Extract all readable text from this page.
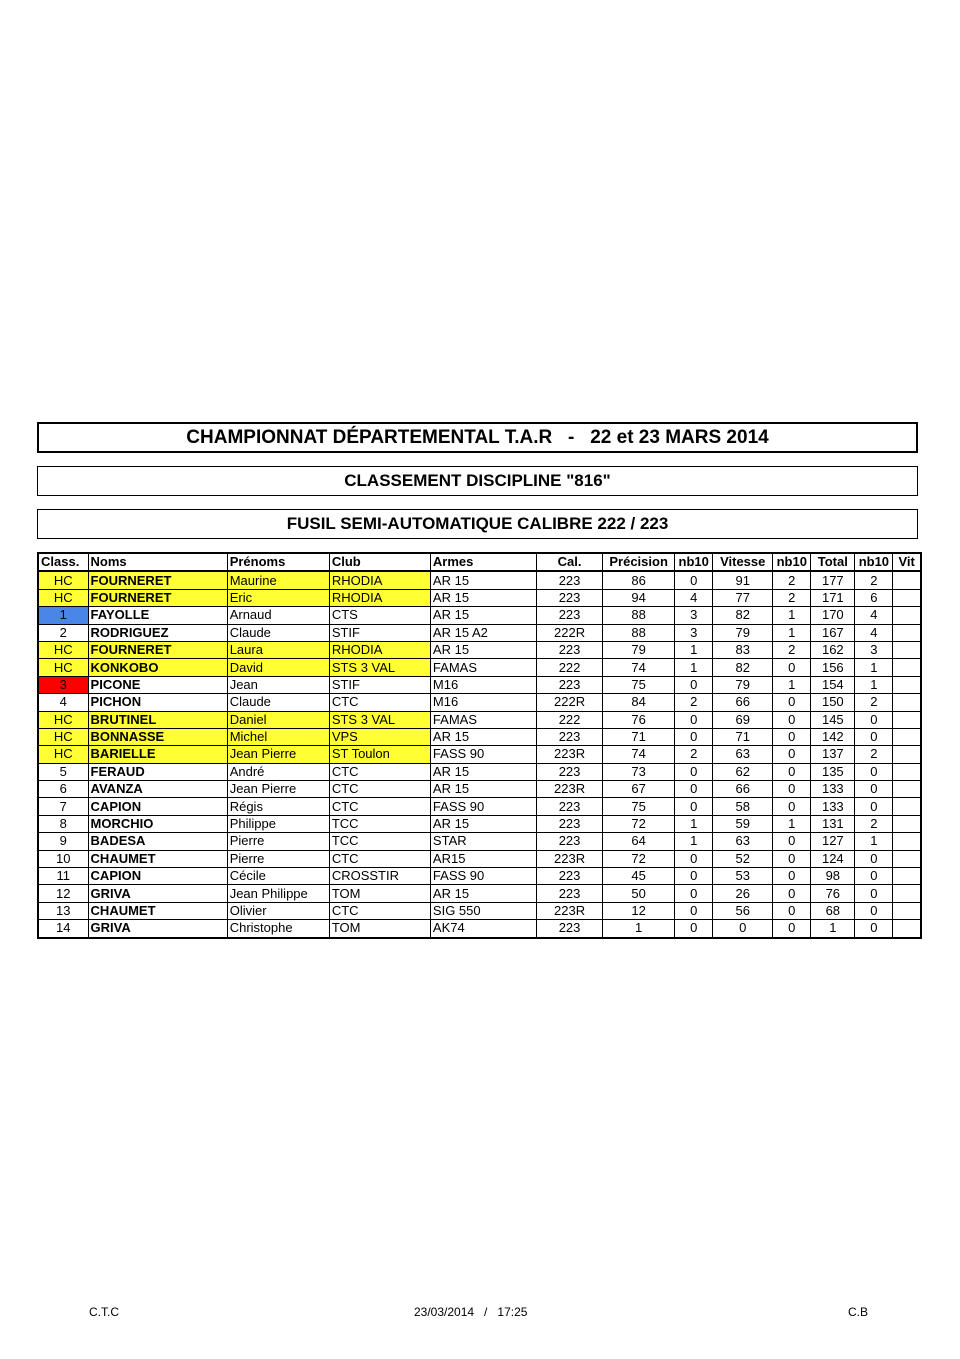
CHAMPIONNAT DÉPARTEMENTAL T.A.R   -   22 et 23 MARS 2014
CLASSEMENT DISCIPLINE "816"
FUSIL SEMI-AUTOMATIQUE CALIBRE 222 / 223
Class.	Noms	Prénoms	Club	Armes	Cal.	Précision	nb10	Vitesse	nb10	Total	nb10	Vit
HC	FOURNERET	Maurine	RHODIA	AR 15	223	86	0	91	2	177	2	
HC	FOURNERET	Eric	RHODIA	AR 15	223	94	4	77	2	171	6	
1	FAYOLLE	Arnaud	CTS	AR 15	223	88	3	82	1	170	4	
2	RODRIGUEZ	Claude	STIF	AR 15 A2	222R	88	3	79	1	167	4	
HC	FOURNERET	Laura	RHODIA	AR 15	223	79	1	83	2	162	3	
HC	KONKOBO	David	STS 3 VAL	FAMAS	222	74	1	82	0	156	1	
3	PICONE	Jean	STIF	M16	223	75	0	79	1	154	1	
4	PICHON	Claude	CTC	M16	222R	84	2	66	0	150	2	
HC	BRUTINEL	Daniel	STS 3 VAL	FAMAS	222	76	0	69	0	145	0	
HC	BONNASSE	Michel	VPS	AR 15	223	71	0	71	0	142	0	
HC	BARIELLE	Jean Pierre	ST Toulon	FASS 90	223R	74	2	63	0	137	2	
5	FERAUD	André	CTC	AR 15	223	73	0	62	0	135	0	
6	AVANZA	Jean Pierre	CTC	AR 15	223R	67	0	66	0	133	0	
7	CAPION	Régis	CTC	FASS 90	223	75	0	58	0	133	0	
8	MORCHIO	Philippe	TCC	AR 15	223	72	1	59	1	131	2	
9	BADESA	Pierre	TCC	STAR	223	64	1	63	0	127	1	
10	CHAUMET	Pierre	CTC	AR15	223R	72	0	52	0	124	0	
11	CAPION	Cécile	CROSSTIR	FASS 90	223	45	0	53	0	98	0	
12	GRIVA	Jean Philippe	TOM	AR 15	223	50	0	26	0	76	0	
13	CHAUMET	Olivier	CTC	SIG 550	223R	12	0	56	0	68	0	
14	GRIVA	Christophe	TOM	AK74	223	1	0	0	0	1	0	
C.T.C	23/03/2014   /   17:25	C.B
